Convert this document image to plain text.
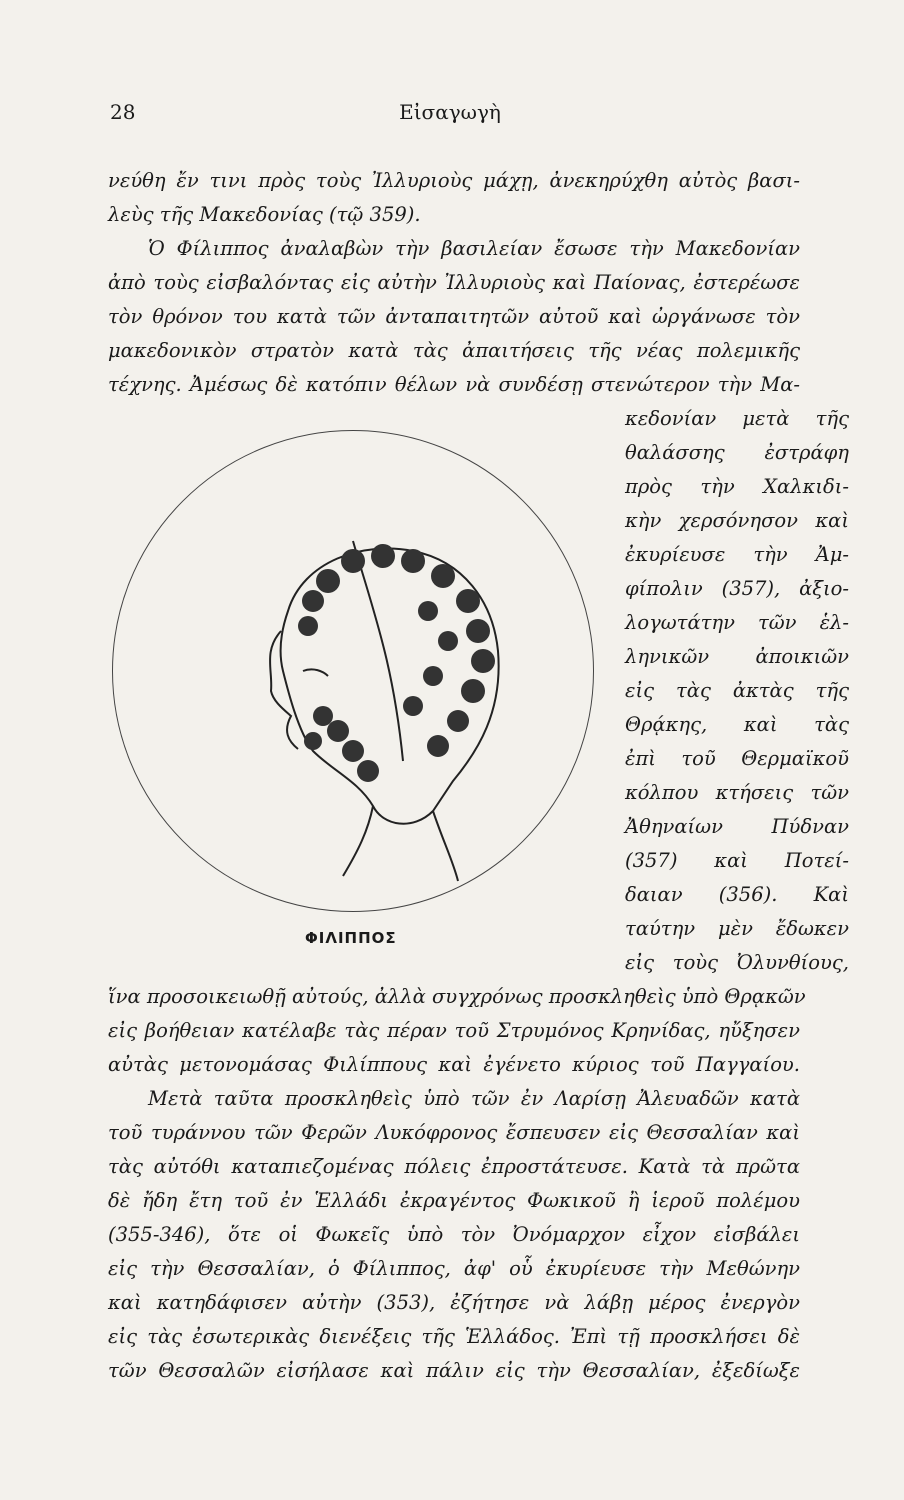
28	Εἰσαγωγὴ
νεύθη ἔν τινι πρὸς τοὺς Ἰλλυριοὺς μάχῃ, ἀνεκηρύχθη αὐτὸς βασι-
λεὺς τῆς Μακεδονίας (τῷ 359).
Ὁ Φίλιππος ἀναλαβὼν τὴν βασιλείαν ἔσωσε τὴν Μακεδονίαν
ἀπὸ τοὺς εἰσβαλόντας εἰς αὐτὴν Ἰλλυριοὺς καὶ Παίονας, ἐστερέωσε
τὸν θρόνον του κατὰ τῶν ἀνταπαιτητῶν αὐτοῦ καὶ ὠργάνωσε τὸν
μακεδονικὸν στρατὸν κατὰ τὰς ἀπαιτήσεις τῆς νέας πολεμικῆς
τέχνης. Ἀμέσως δὲ κατόπιν θέλων νὰ συνδέσῃ στενώτερον τὴν Μα-
ΦΙΛΙΠΠΟΣ
κεδονίαν μετὰ τῆς
θαλάσσης ἐστράφη
πρὸς τὴν Χαλκιδι-
κὴν χερσόνησον καὶ
ἐκυρίευσε τὴν Ἀμ-
φίπολιν (357), ἀξιο-
λογωτάτην τῶν ἑλ-
ληνικῶν ἀποικιῶν
εἰς τὰς ἀκτὰς τῆς
Θρᾴκης, καὶ τὰς
ἐπὶ τοῦ Θερμαϊκοῦ
κόλπου κτήσεις τῶν
Ἀθηναίων Πύδναν
(357) καὶ Ποτεί-
δαιαν (356). Καὶ
ταύτην μὲν ἔδωκεν
εἰς τοὺς Ὀλυνθίους,
ἵνα προσοικειωθῇ αὐτούς, ἀλλὰ συγχρόνως προσκληθεὶς ὑπὸ Θρᾳκῶν
εἰς βοήθειαν κατέλαβε τὰς πέραν τοῦ Στρυμόνος Κρηνίδας, ηὔξησεν
αὐτὰς μετονομάσας Φιλίππους καὶ ἐγένετο κύριος τοῦ Παγγαίου.
Μετὰ ταῦτα προσκληθεὶς ὑπὸ τῶν ἐν Λαρίσῃ Ἀλευαδῶν κατὰ
τοῦ τυράννου τῶν Φερῶν Λυκόφρονος ἔσπευσεν εἰς Θεσσαλίαν καὶ
τὰς αὐτόθι καταπιεζομένας πόλεις ἐπροστάτευσε. Κατὰ τὰ πρῶτα
δὲ ἤδη ἔτη τοῦ ἐν Ἑλλάδι ἐκραγέντος Φωκικοῦ ἢ ἱεροῦ πολέμου
(355-346), ὅτε οἱ Φωκεῖς ὑπὸ τὸν Ὀνόμαρχον εἶχον εἰσβάλει
εἰς τὴν Θεσσαλίαν, ὁ Φίλιππος, ἀφ' οὗ ἐκυρίευσε τὴν Μεθώνην
καὶ κατηδάφισεν αὐτὴν (353), ἐζήτησε νὰ λάβῃ μέρος ἐνεργὸν
εἰς τὰς ἐσωτερικὰς διενέξεις τῆς Ἑλλάδος. Ἐπὶ τῇ προσκλήσει δὲ
τῶν Θεσσαλῶν εἰσήλασε καὶ πάλιν εἰς τὴν Θεσσαλίαν, ἐξεδίωξε
